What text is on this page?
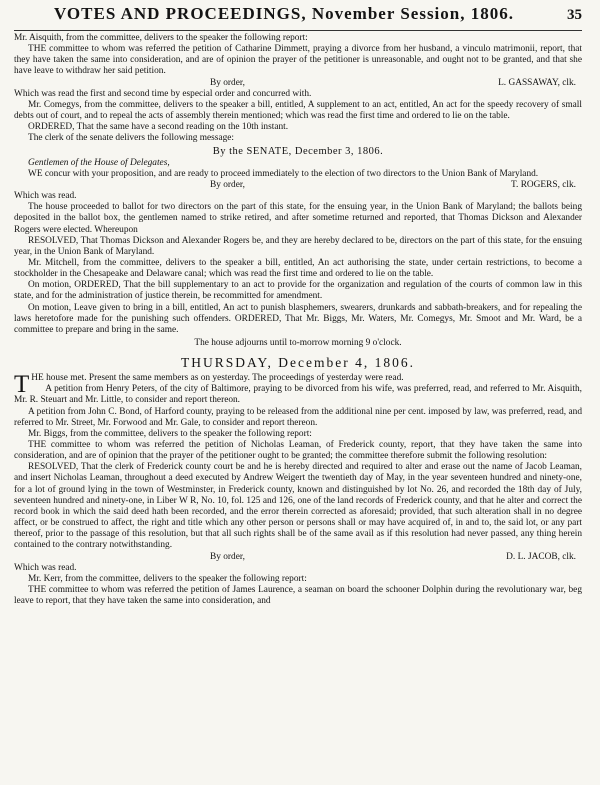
VOTES AND PROCEEDINGS, November Session, 1806.	35

Mr. Aisquith, from the committee, delivers to the speaker the following report:

THE committee to whom was referred the petition of Catharine Dimmett, praying a divorce from her husband, a vinculo matrimonii, report, that they have taken the same into consideration, and are of opinion the prayer of the petitioner is unreasonable, and ought not to be granted, and that she have leave to withdraw her said petition.

By order,	L. GASSAWAY, clk.

Which was read the first and second time by especial order and concurred with.

Mr. Comegys, from the committee, delivers to the speaker a bill, entitled, A supplement to an act, entitled, An act for the speedy recovery of small debts out of court, and to repeal the acts of assembly therein mentioned; which was read the first time and ordered to lie on the table.

ORDERED, That the same have a second reading on the 10th instant.

The clerk of the senate delivers the following message:

By the SENATE, December 3, 1806.
Gentlemen of the House of Delegates,

WE concur with your proposition, and are ready to proceed immediately to the election of two directors to the Union Bank of Maryland.

By order,	T. ROGERS, clk.

Which was read.

The house proceeded to ballot for two directors on the part of this state, for the ensuing year, in the Union Bank of Maryland; the ballots being deposited in the ballot box, the gentlemen named to strike retired, and after sometime returned and reported, that Thomas Dickson and Alexander Rogers were elected. Whereupon

RESOLVED, That Thomas Dickson and Alexander Rogers be, and they are hereby declared to be, directors on the part of this state, for the ensuing year, in the Union Bank of Maryland.

Mr. Mitchell, from the committee, delivers to the speaker a bill, entitled, An act authorising the state, under certain restrictions, to become a stockholder in the Chesapeake and Delaware canal; which was read the first time and ordered to lie on the table.

On motion, ORDERED, That the bill supplementary to an act to provide for the organization and regulation of the courts of common law in this state, and for the administration of justice therein, be recommitted for amendment.

On motion, Leave given to bring in a bill, entitled, An act to punish blasphemers, swearers, drunkards and sabbath-breakers, and for repealing the laws heretofore made for the punishing such offenders. ORDERED, That Mr. Biggs, Mr. Waters, Mr. Comegys, Mr. Smoot and Mr. Ward, be a committee to prepare and bring in the same.

The house adjourns until to-morrow morning 9 o'clock.
THURSDAY, December 4, 1806.

THE house met. Present the same members as on yesterday. The proceedings of yesterday were read.

A petition from Henry Peters, of the city of Baltimore, praying to be divorced from his wife, was preferred, read, and referred to Mr. Aisquith, Mr. R. Steuart and Mr. Little, to consider and report thereon.

A petition from John C. Bond, of Harford county, praying to be released from the additional nine per cent. imposed by law, was preferred, read, and referred to Mr. Street, Mr. Forwood and Mr. Gale, to consider and report thereon.

Mr. Biggs, from the committee, delivers to the speaker the following report:

THE committee to whom was referred the petition of Nicholas Leaman, of Frederick county, report, that they have taken the same into consideration, and are of opinion that the prayer of the petitioner ought to be granted; the committee therefore submit the following resolution:

RESOLVED, That the clerk of Frederick county court be and he is hereby directed and required to alter and erase out the name of Jacob Leaman, and insert Nicholas Leaman, throughout a deed executed by Andrew Weigert the twentieth day of May, in the year seventeen hundred and ninety-one, for a lot of ground lying in the town of Westminster, in Frederick county, known and distinguished by lot No. 26, and recorded the 18th day of July, seventeen hundred and ninety-one, in Liber W R, No. 10, fol. 125 and 126, one of the land records of Frederick county, and that he alter and correct the record book in which the said deed hath been recorded, and the error therein corrected as aforesaid; provided, that such alteration shall in no degree affect, or be construed to affect, the right and title which any other person or persons shall or may have acquired of, in and to, the said lot, or any part thereof, prior to the passage of this resolution, but that all such rights shall be of the same avail as if this resolution had never passed, any thing herein contained to the contrary notwithstanding.

By order,	D. L. JACOB, clk.

Which was read.

Mr. Kerr, from the committee, delivers to the speaker the following report:

THE committee to whom was referred the petition of James Laurence, a seaman on board the schooner Dolphin during the revolutionary war, beg leave to report, that they have taken the same into consideration, and
